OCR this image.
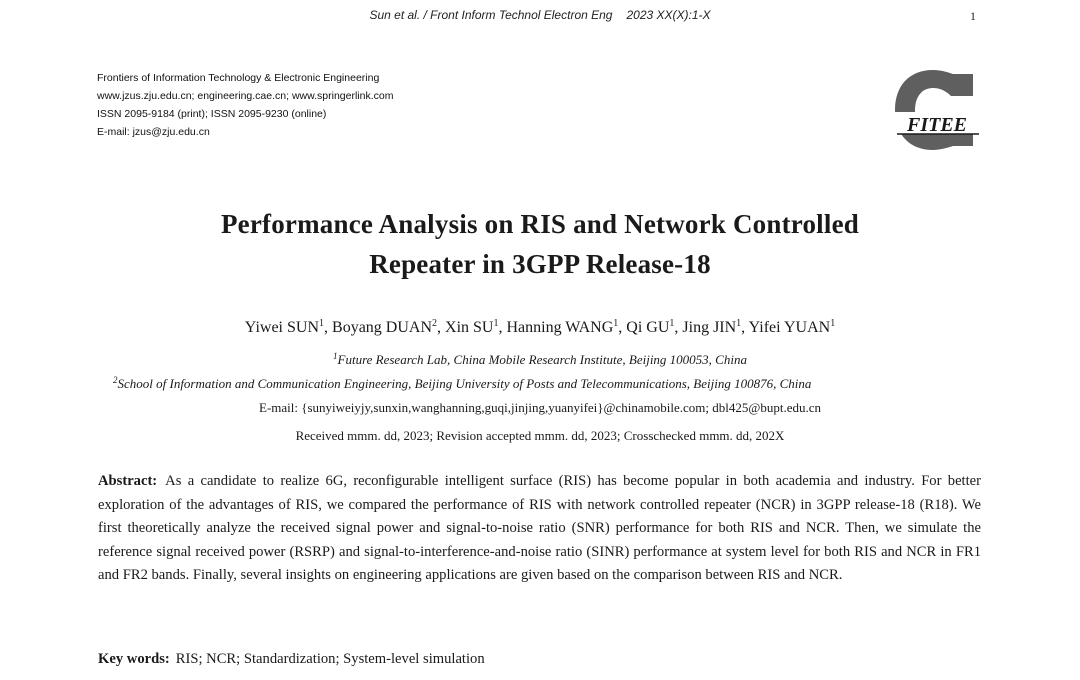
Sun et al. / Front Inform Technol Electron Eng 2023 XX(X):1-X	1
Frontiers of Information Technology & Electronic Engineering
www.jzus.zju.edu.cn; engineering.cae.cn; www.springerlink.com
ISSN 2095-9184 (print); ISSN 2095-9230 (online)
E-mail: jzus@zju.edu.cn	FITEE
Performance Analysis on RIS and Network Controlled
Repeater in 3GPP Release-18
Yiwei SUN$^1$, Boyang DUAN$^2$, Xin $SU^1$, Hanning WANG$^1$, Qi $GU^1$, Jing JIN$^1$, Yifei YUAN$^1$
$^1$Future Research Lab, China Mobile Research Institute, Beijing 100053, China
$^2$School of Information and Communication Engineering, Beijing University of Posts and Telecommunications, Beijing 100876, China
E-mail: {sunyiweiyjy,sunxin,wanghanning,guqi,jinjing,yuanyifei}@chinamobile.com; dbl425@bupt.edu.cn
Received mmm. dd, 2023; Revision accepted mmm. dd, 2023; Crosschecked mmm. dd, 202X
Abstract: As a candidate to realize 6G, reconfigurable intelligent surface (RIS) has become popular in both academia and industry. For better exploration of the advantages of RIS, we compared the performance of RIS with network controlled repeater (NCR) in 3GPP release-18 (R18). We first theoretically analyze the received signal power and signal-to-noise ratio (SNR) performance for both RIS and NCR. Then, we simulate the reference signal received power (RSRP) and signal-to-interference-and-noise ratio (SINR) performance at system level for both RIS and NCR in FR1 and FR2 bands. Finally, several insights on engineering applications are given based on the comparison between RIS and NCR.
Key words: RIS; NCR; Standardization; System-level simulation
